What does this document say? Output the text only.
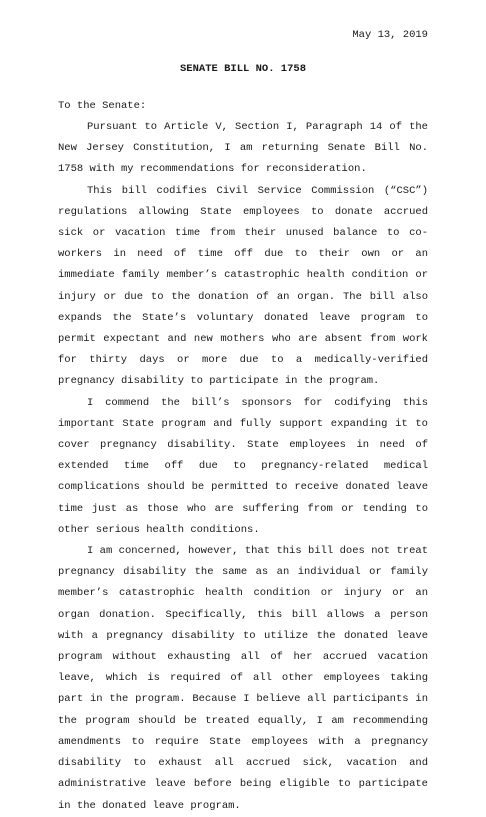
May 13, 2019
SENATE BILL NO. 1758
To the Senate:

Pursuant to Article V, Section I, Paragraph 14 of the New Jersey Constitution, I am returning Senate Bill No. 1758 with my recommendations for reconsideration.

This bill codifies Civil Service Commission (“CSC”) regulations allowing State employees to donate accrued sick or vacation time from their unused balance to co-workers in need of time off due to their own or an immediate family member’s catastrophic health condition or injury or due to the donation of an organ. The bill also expands the State’s voluntary donated leave program to permit expectant and new mothers who are absent from work for thirty days or more due to a medically-verified pregnancy disability to participate in the program.

I commend the bill’s sponsors for codifying this important State program and fully support expanding it to cover pregnancy disability. State employees in need of extended time off due to pregnancy-related medical complications should be permitted to receive donated leave time just as those who are suffering from or tending to other serious health conditions.

I am concerned, however, that this bill does not treat pregnancy disability the same as an individual or family member’s catastrophic health condition or injury or an organ donation. Specifically, this bill allows a person with a pregnancy disability to utilize the donated leave program without exhausting all of her accrued vacation leave, which is required of all other employees taking part in the program. Because I believe all participants in the program should be treated equally, I am recommending amendments to require State employees with a pregnancy disability to exhaust all accrued sick, vacation and administrative leave before being eligible to participate in the donated leave program.
